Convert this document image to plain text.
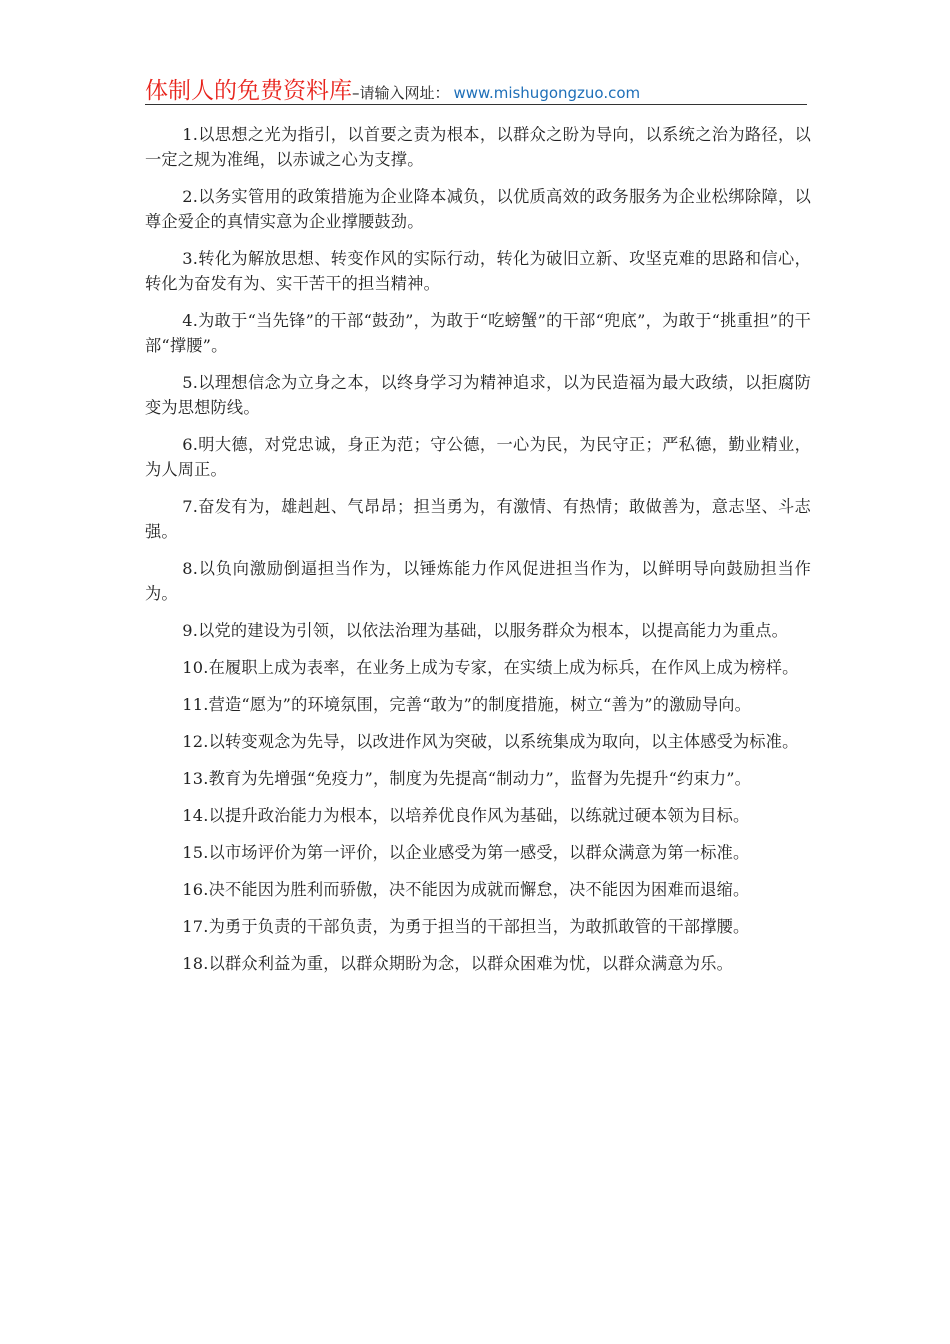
体制人的免费资料库–请输入网址： www.mishugongzuo.com

1.以思想之光为指引，以首要之责为根本，以群众之盼为导向，以系统之治为路径，以一定之规为准绳，以赤诚之心为支撑。

2.以务实管用的政策措施为企业降本减负，以优质高效的政务服务为企业松绑除障，以尊企爱企的真情实意为企业撑腰鼓劲。

3.转化为解放思想、转变作风的实际行动，转化为破旧立新、攻坚克难的思路和信心，转化为奋发有为、实干苦干的担当精神。

4.为敢于“当先锋”的干部“鼓劲”，为敢于“吃螃蟹”的干部“兜底”，为敢于“挑重担”的干部“撑腰”。

5.以理想信念为立身之本，以终身学习为精神追求，以为民造福为最大政绩，以拒腐防变为思想防线。

6.明大德，对党忠诚，身正为范；守公德，一心为民，为民守正；严私德，勤业精业，为人周正。

7.奋发有为，雄赳赳、气昂昂；担当勇为，有激情、有热情；敢做善为，意志坚、斗志强。

8.以负向激励倒逼担当作为，以锤炼能力作风促进担当作为，以鲜明导向鼓励担当作为。

9.以党的建设为引领，以依法治理为基础，以服务群众为根本，以提高能力为重点。

10.在履职上成为表率，在业务上成为专家，在实绩上成为标兵，在作风上成为榜样。

11.营造“愿为”的环境氛围，完善“敢为”的制度措施，树立“善为”的激励导向。

12.以转变观念为先导，以改进作风为突破，以系统集成为取向，以主体感受为标准。

13.教育为先增强“免疫力”，制度为先提高“制动力”，监督为先提升“约束力”。

14.以提升政治能力为根本，以培养优良作风为基础，以练就过硬本领为目标。

15.以市场评价为第一评价，以企业感受为第一感受，以群众满意为第一标准。

16.决不能因为胜利而骄傲，决不能因为成就而懈怠，决不能因为困难而退缩。

17.为勇于负责的干部负责，为勇于担当的干部担当，为敢抓敢管的干部撑腰。

18.以群众利益为重，以群众期盼为念，以群众困难为忧，以群众满意为乐。
